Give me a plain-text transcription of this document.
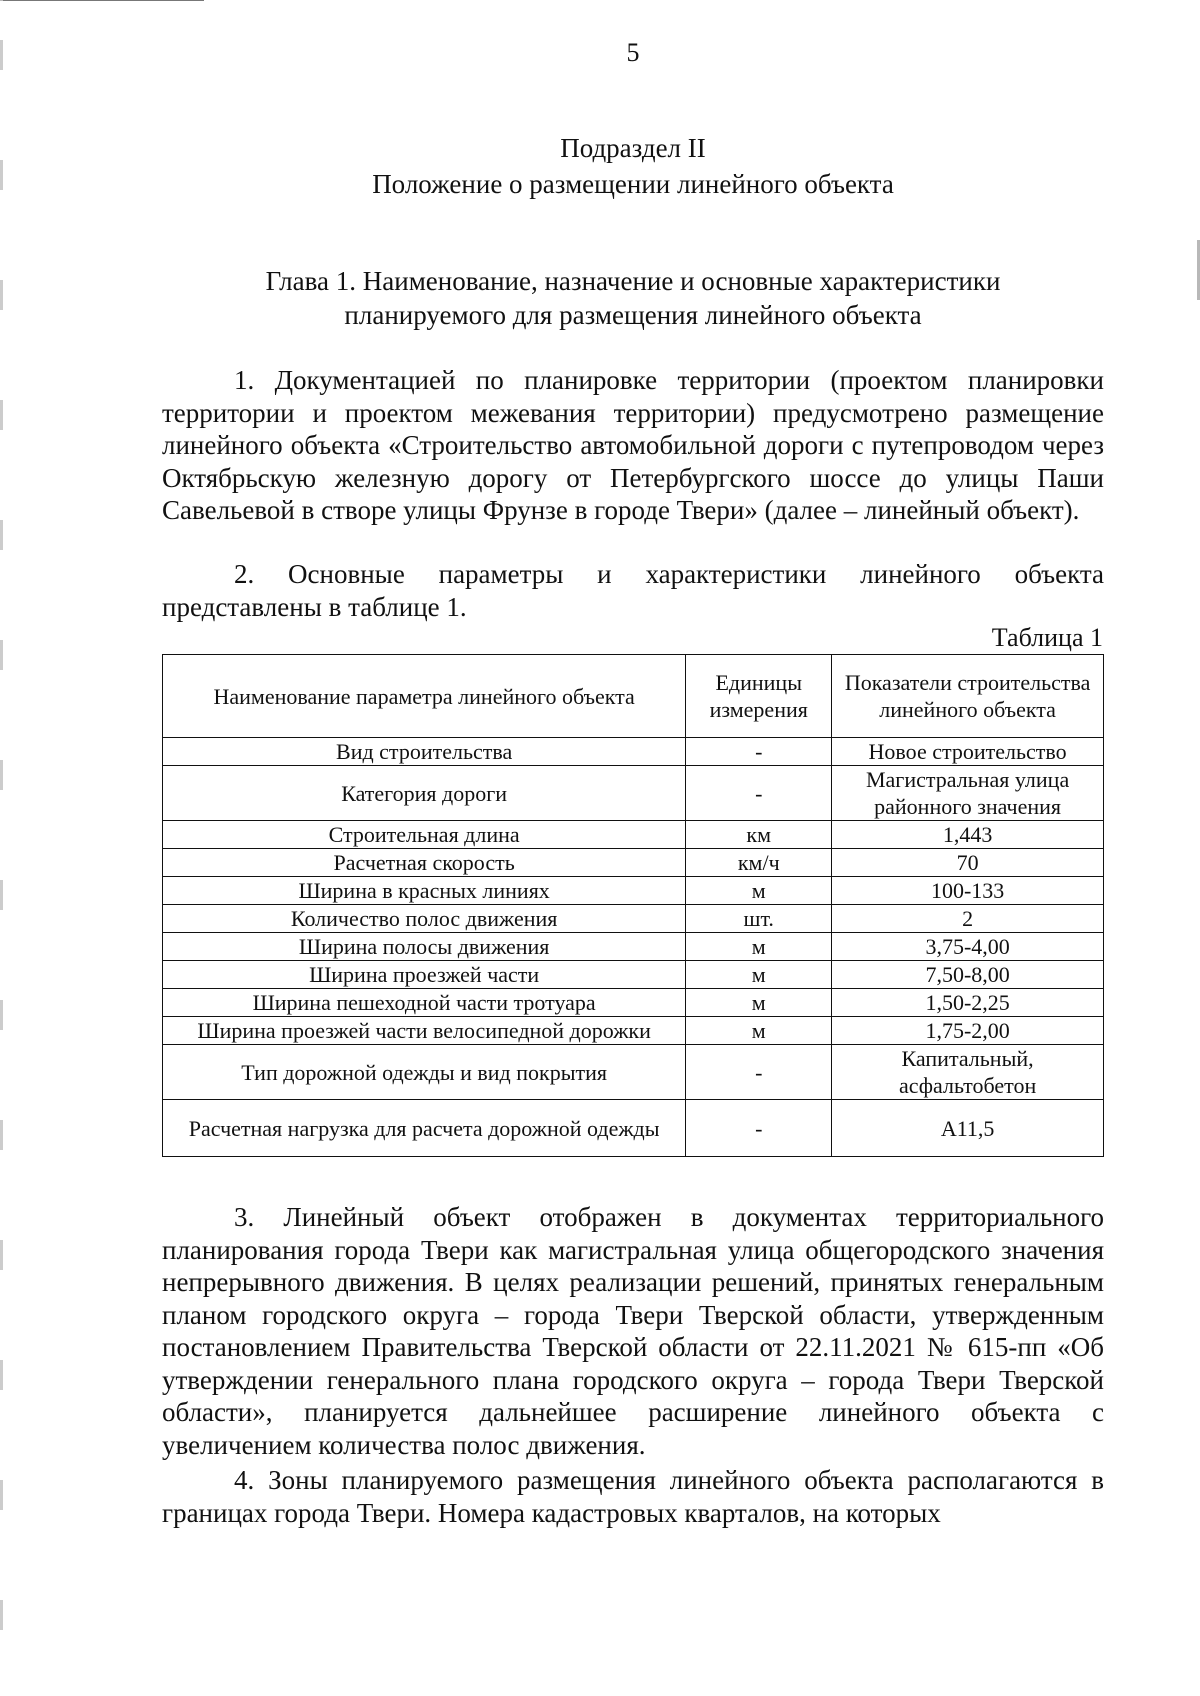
5
Подраздел II
Положение о размещении линейного объекта
Глава 1. Наименование, назначение и основные характеристики
планируемого для размещения линейного объекта

1. Документацией по планировке территории (проектом планировки территории и проектом межевания территории) предусмотрено размещение линейного объекта «Строительство автомобильной дороги с путепроводом через Октябрьскую железную дорогу от Петербургского шоссе до улицы Паши Савельевой в створе улицы Фрунзе в городе Твери» (далее – линейный объект).

2. Основные параметры и характеристики линейного объекта представлены в таблице 1.

Таблица 1
Наименование параметра линейного объекта	Единицы измерения	Показатели строительства линейного объекта
Вид строительства	-	Новое строительство
Категория дороги	-	Магистральная улица районного значения
Строительная длина	км	1,443
Расчетная скорость	км/ч	70
Ширина в красных линиях	м	100-133
Количество полос движения	шт.	2
Ширина полосы движения	м	3,75-4,00
Ширина проезжей части	м	7,50-8,00
Ширина пешеходной части тротуара	м	1,50-2,25
Ширина проезжей части велосипедной дорожки	м	1,75-2,00
Тип дорожной одежды и вид покрытия	-	Капитальный, асфальтобетон
Расчетная нагрузка для расчета дорожной одежды	-	А11,5

3. Линейный объект отображен в документах территориального планирования города Твери как магистральная улица общегородского значения непрерывного движения. В целях реализации решений, принятых генеральным планом городского округа – города Твери Тверской области, утвержденным постановлением Правительства Тверской области от 22.11.2021 № 615-пп «Об утверждении генерального плана городского округа – города Твери Тверской области», планируется дальнейшее расширение линейного объекта с увеличением количества полос движения.

4. Зоны планируемого размещения линейного объекта располагаются в границах города Твери. Номера кадастровых кварталов, на которых
